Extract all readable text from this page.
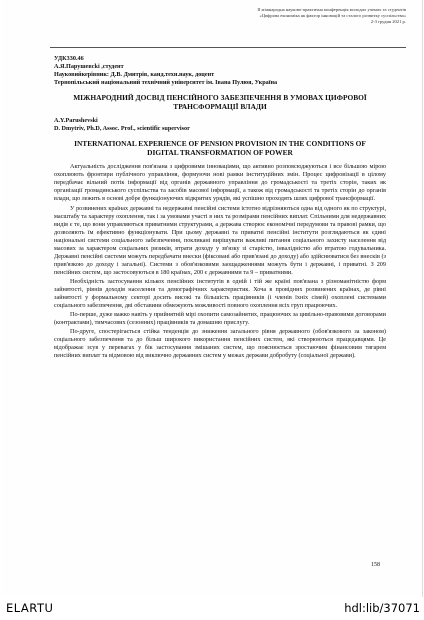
ІІ міжнародна науково-практична конференція молодих учених та студентів
«Цифрова економіка як фактор інновацій та сталого розвитку суспільства»
2-3 грудня 2021 р.
УДК330.46
А.Я.Парушевсkі ,студент
Науковийкерівник: Д.В. Дмитрів, канд.техн.наук, доцент
Тернопільський національний технічний університет ім. Івана Пулюя, Україна
МІЖНАРОДНИЙ ДОСВІД ПЕНСІЙНОГО ЗАБЕЗПЕЧЕННЯ В УМОВАХ ЦИФРОВОЇ ТРАНСФОРМАЦІЇ ВЛАДИ
A.Y.Parushevski
D. Dmytriv, Ph.D, Assoc. Prof., scientific supervisor
INTERNATIONAL EXPERIENCE OF PENSION PROVISION IN THE CONDITIONS OF DIGITAL TRANSFORMATION OF POWER

Актуальність дослідження пов'язана з цифровими інноваціями, що активно розповсюджуються і все більшою мірою охоплюють фронтири публічного управління, формуючи нові рамки інституційних змін. Процес цифровізації в цілому передбачає вільний потік інформації від органів державного управління до громадськості та третіх сторін, таких як організації громадянського суспільства та засобів масової інформації, а також від громадськості та третіх сторін до органів влади, що лежить в основі добре функціонуючих відкритих урядів, які успішно проходять шлях цифрової трансформації.

У розвинених країнах державні та недержавні пенсійні системи істотно відрізняються одна від одного як по структурі, масштабу та характеру охоплення, так і за умовами участі в них та розмірами пенсійних виплат. Спільними для недержавних видів є те, що вони управляються приватними структурами, а держава створює економічні передумови та правові рамки, що дозволяють їм ефективно функціонувати. При цьому державні та приватні пенсійні інститути розглядаються як єдині національні системи соціального забезпечення, покликані вирішувати важливі питання соціального захисту населення від масових за характером соціальних ризиків, втрати доходу у зв'язку зі старістю, інвалідністю або втратою годувальника. Державні пенсійні системи можуть передбачати внески (фіксовані або прив'язані до доходу) або здійснюватися без внесків (з прив'язкою до доходу і загальні). Системи з обов'язковими заощадженнями можуть бути і державні, і приватні. З 209 пенсійних систем, що застосовуються в 180 країнах, 200 є державними та 9 – приватними.

Необхідність застосування кількох пенсійних інститутів в одній і тій же країні пов'язана з різноманітністю форм зайнятості, рівнів доходів населення та демографічних характеристик. Хоча в провідних розвинених країнах, де рівні зайнятості у формальному секторі досить високі та більшість працівників (і членів їхніх сімей) охоплені системами соціального забезпечення, дві обставини обмежують можливості повного охоплення всіх груп працюючих.

По-перше, дуже важко навіть у прийнятній мірі охопити самозайнятих, працюючих за цивільно-правовими договорами (контрактами), тимчасових (сезонних) працівників та домашню прислугу.

По-друге, спостерігається стійка тенденція до зниження загального рівня державного (обов'язкового за законом) соціального забезпечення та до більш широкого використання пенсійних систем, які створюються працедавцями. Це відображає зсув у перевагах у бік застосування змішаних систем, що пояснюється зростаючим фінансовим тягарем пенсійних виплат та відмовою від виключно державних систем у межах держави добробуту (соціальної держави).

158
ELARTU	hdl:lib/37071
